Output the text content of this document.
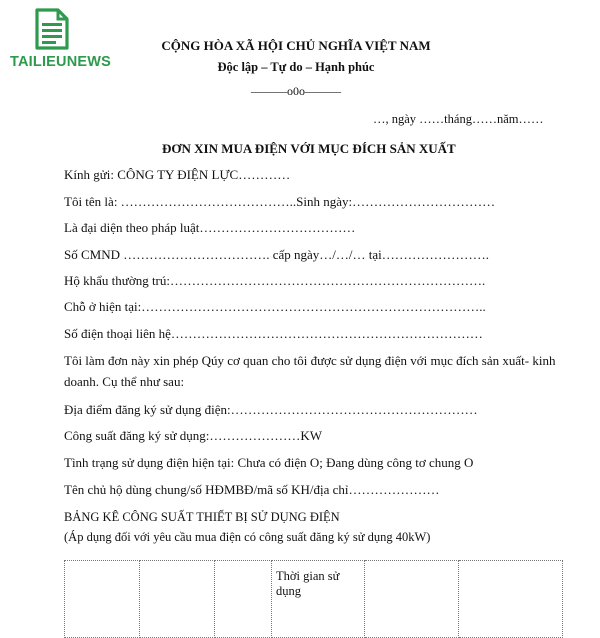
TAILIEUNEWS
CỘNG HÒA XÃ HỘI CHỦ NGHĨA VIỆT NAM
Độc lập – Tự do – Hạnh phúc
———o0o———
…, ngày ……tháng……năm……
ĐƠN XIN MUA ĐIỆN VỚI MỤC ĐÍCH SẢN XUẤT
Kính gửi: CÔNG TY ĐIỆN LỰC…………
Tôi tên là: …………………………………..Sinh ngày:……………………………
Là đại diện theo pháp luật………………………………
Số CMND ……………………………. cấp ngày…/…/… tại…………………….
Hộ khẩu thường trú:……………………………………………………………….
Chỗ ở hiện tại:……………………………………………………………………..
Số điện thoại liên hệ………………………………………………………………
Tôi làm đơn này xin phép Qúy cơ quan cho tôi được sử dụng điện với mục đích sản xuất- kinh
doanh. Cụ thể như sau:
Địa điểm đăng ký sử dụng điện:…………………………………………………
Công suất đăng ký sử dụng:…………………KW
Tình trạng sử dụng điện hiện tại: Chưa có điện O; Đang dùng công tơ chung O
Tên chủ hộ dùng chung/số HĐMBĐ/mã số KH/địa chỉ…………………
BẢNG KÊ CÔNG SUẤT THIẾT BỊ SỬ DỤNG ĐIỆN
(Áp dụng đối với yêu cầu mua điện có công suất đăng ký sử dụng 40kW)
			Thời gian sử dụng		
